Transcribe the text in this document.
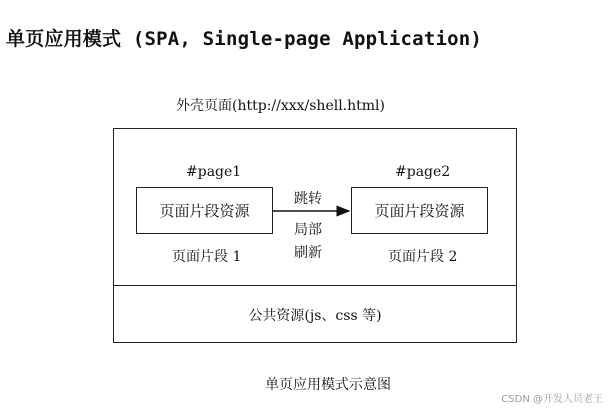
单页应用模式 (SPA, Single-page Application)
外壳页面(http://xxx/shell.html)
#page1	#page2
页面片段资源	页面片段资源
跳转
局部
刷新
页面片段 1	页面片段 2
公共资源(js、css 等)
单页应用模式示意图
CSDN @开发人员老王
